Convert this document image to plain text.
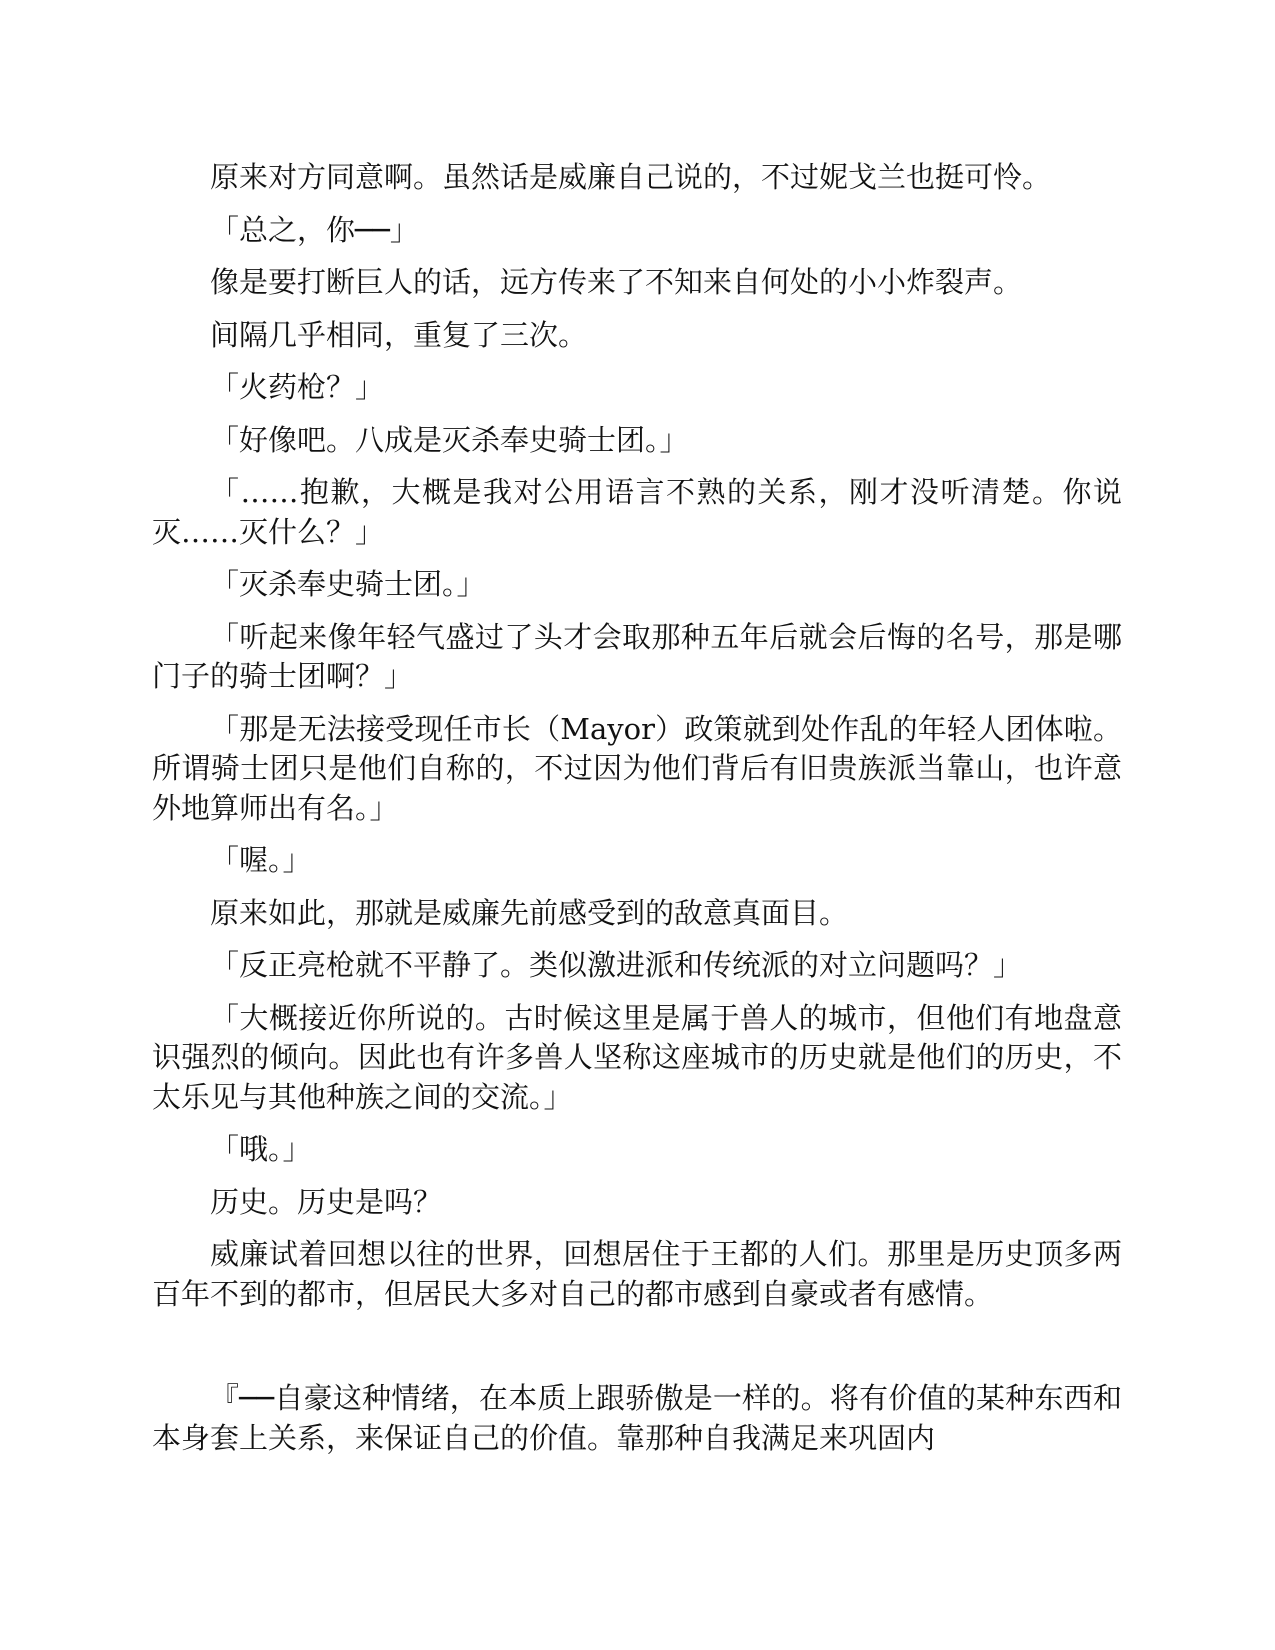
原来对方同意啊。虽然话是威廉自己说的，不过妮戈兰也挺可怜。

「总之，你──」

像是要打断巨人的话，远方传来了不知来自何处的小小炸裂声。

间隔几乎相同，重复了三次。

「火药枪？」

「好像吧。八成是灭杀奉史骑士团。」

「……抱歉，大概是我对公用语言不熟的关系，刚才没听清楚。你说灭……灭什么？」

「灭杀奉史骑士团。」

「听起来像年轻气盛过了头才会取那种五年后就会后悔的名号，那是哪门子的骑士团啊？」

「那是无法接受现任市长（Mayor）政策就到处作乱的年轻人团体啦。所谓骑士团只是他们自称的，不过因为他们背后有旧贵族派当靠山，也许意外地算师出有名。」

「喔。」

原来如此，那就是威廉先前感受到的敌意真面目。

「反正亮枪就不平静了。类似激进派和传统派的对立问题吗？」

「大概接近你所说的。古时候这里是属于兽人的城市，但他们有地盘意识强烈的倾向。因此也有许多兽人坚称这座城市的历史就是他们的历史，不太乐见与其他种族之间的交流。」

「哦。」

历史。历史是吗？

威廉试着回想以往的世界，回想居住于王都的人们。那里是历史顶多两百年不到的都市，但居民大多对自己的都市感到自豪或者有感情。

『──自豪这种情绪，在本质上跟骄傲是一样的。将有价值的某种东西和本身套上关系，来保证自己的价值。靠那种自我满足来巩固内
